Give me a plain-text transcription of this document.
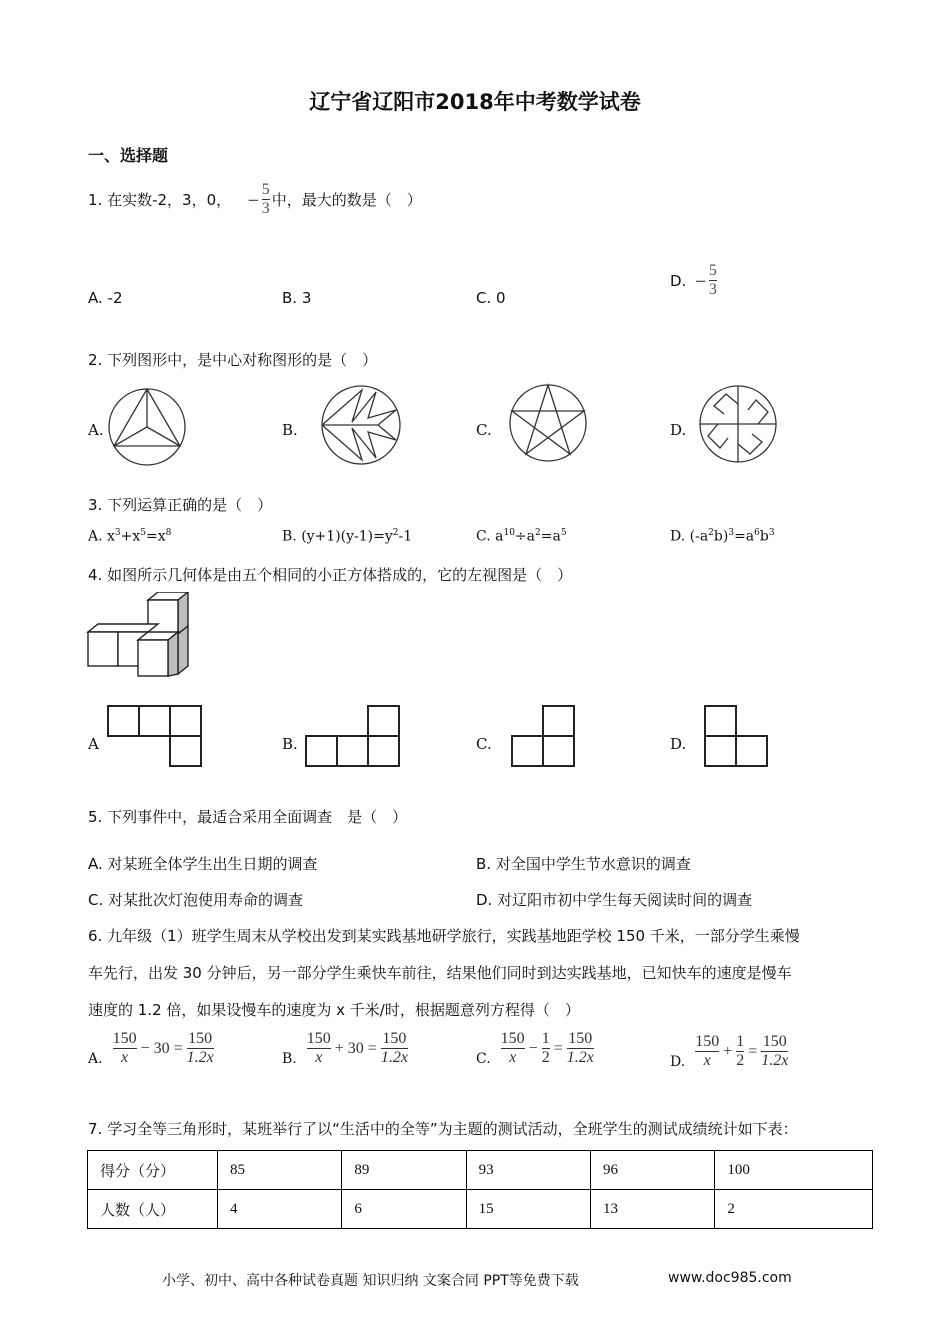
辽宁省辽阳市2018年中考数学试卷
一、选择题
1. 在实数-2，3，0， − $\frac{5}{3}$ 中，最大的数是（　）
A. -2	B. 3	C. 0
D. − $\frac{5}{3}$
2. 下列图形中，是中心对称图形的是（　）
A.	B.	C.	D.
3. 下列运算正确的是（　）
A. $x^3+x^5=x^8$	B. $(y+1)(y-1)=y^2-1$	C. $a^{10}\div a^2=a^5$	D. $(-a^2b)^3=a^6b^3$
4. 如图所示几何体是由五个相同的小正方体搭成的，它的左视图是（　）
A	B.	C.	D.
5. 下列事件中，最适合采用全面调查　是（　）
A. 对某班全体学生出生日期的调查	B. 对全国中学生节水意识的调查
C. 对某批次灯泡使用寿命的调查	D. 对辽阳市初中学生每天阅读时间的调查
6. 九年级（1）班学生周末从学校出发到某实践基地研学旅行，实践基地距学校 150 千米，一部分学生乘慢
车先行，出发 30 分钟后，另一部分学生乘快车前往，结果他们同时到达实践基地，已知快车的速度是慢车
速度的 1.2 倍，如果设慢车的速度为 x 千米/时，根据题意列方程得（　）
A. $\frac{150}{x} - 30 = \frac{150}{1.2x}$	B. $\frac{150}{x} + 30 = \frac{150}{1.2x}$	C. $\frac{150}{x} - \frac{1}{2} = \frac{150}{1.2x}$	D. $\frac{150}{x} + \frac{1}{2} = \frac{150}{1.2x}$
7. 学习全等三角形时，某班举行了以“生活中的全等”为主题的测试活动，全班学生的测试成绩统计如下表：
得分（分）	85	89	93	96	100
人数（人）	4	6	15	13	2
小学、初中、高中各种试卷真题 知识归纳 文案合同 PPT等免费下载	www.doc985.com
